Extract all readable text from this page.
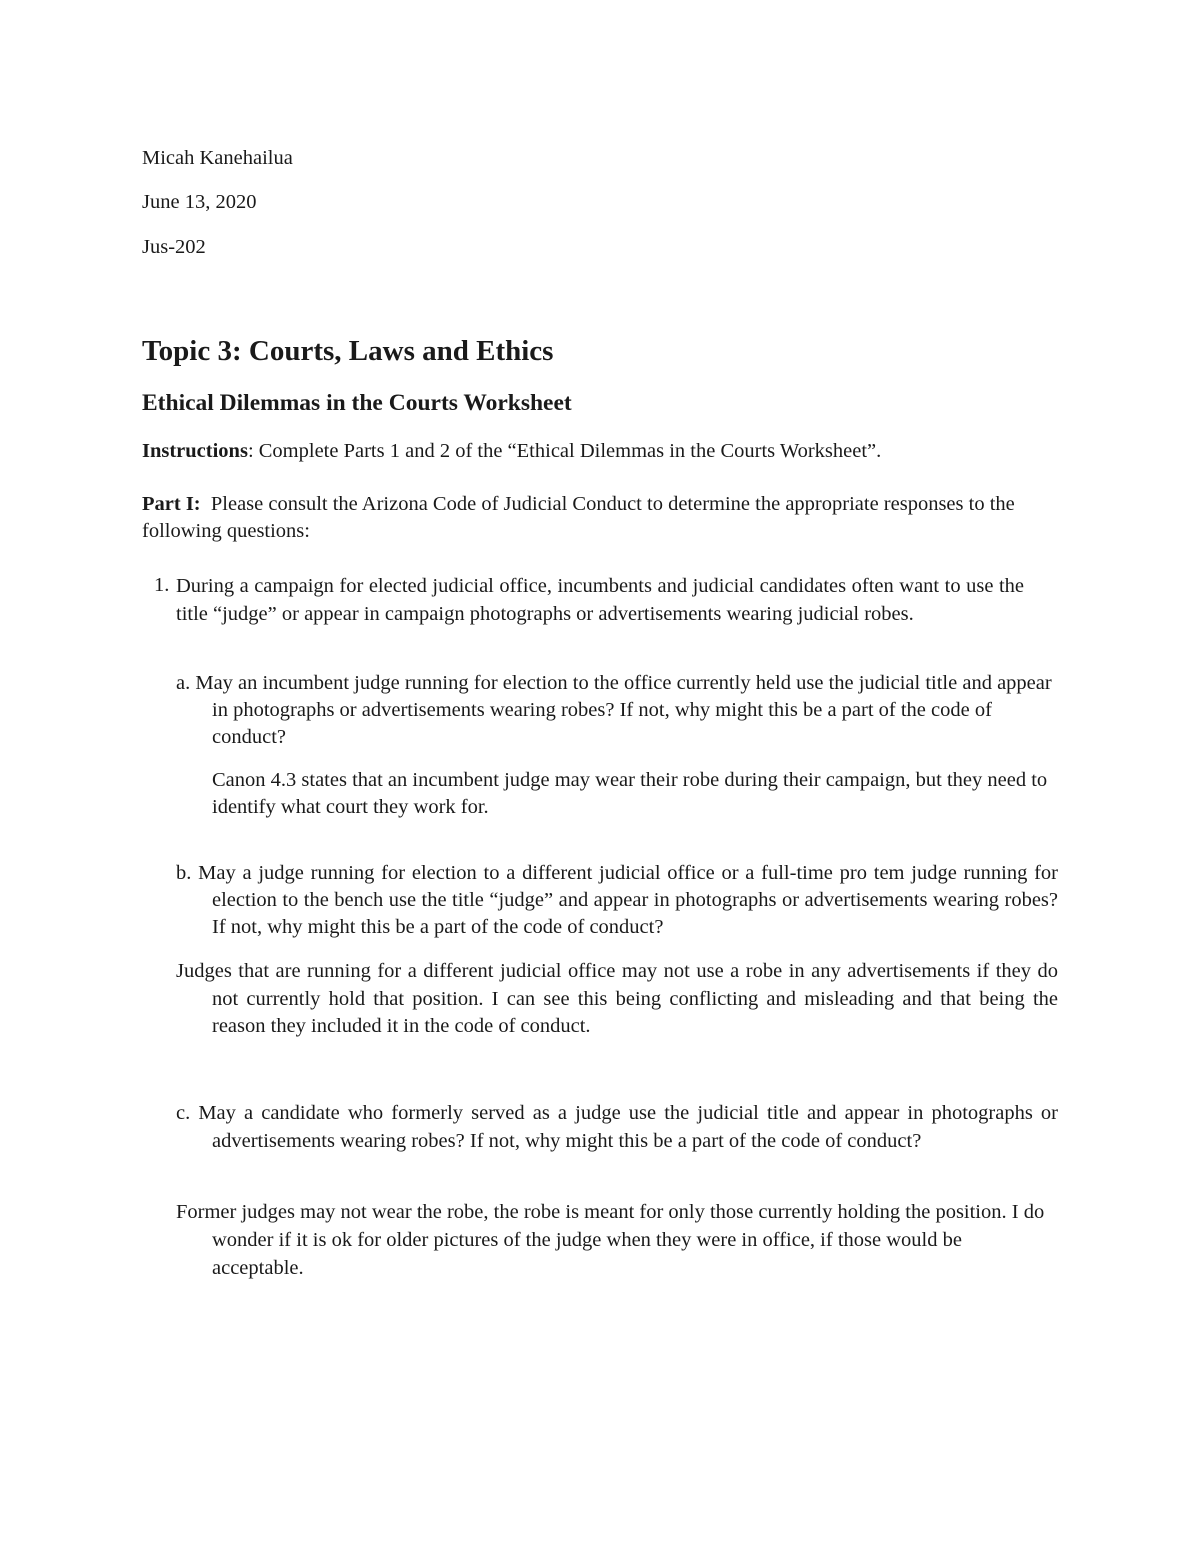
Micah Kanehailua
June 13, 2020
Jus-202
Topic 3: Courts, Laws and Ethics
Ethical Dilemmas in the Courts Worksheet
Instructions: Complete Parts 1 and 2 of the “Ethical Dilemmas in the Courts Worksheet”.
Part I:  Please consult the Arizona Code of Judicial Conduct to determine the appropriate responses to the following questions:
1. During a campaign for elected judicial office, incumbents and judicial candidates often want to use the title “judge” or appear in campaign photographs or advertisements wearing judicial robes.
a. May an incumbent judge running for election to the office currently held use the judicial title and appear in photographs or advertisements wearing robes? If not, why might this be a part of the code of conduct?
Canon 4.3 states that an incumbent judge may wear their robe during their campaign, but they need to identify what court they work for.
b. May a judge running for election to a different judicial office or a full-time pro tem judge running for election to the bench use the title “judge” and appear in photographs or advertisements wearing robes? If not, why might this be a part of the code of conduct?
Judges that are running for a different judicial office may not use a robe in any advertisements if they do not currently hold that position. I can see this being conflicting and misleading and that being the reason they included it in the code of conduct.
c. May a candidate who formerly served as a judge use the judicial title and appear in photographs or advertisements wearing robes? If not, why might this be a part of the code of conduct?
Former judges may not wear the robe, the robe is meant for only those currently holding the position. I do wonder if it is ok for older pictures of the judge when they were in office, if those would be acceptable.
